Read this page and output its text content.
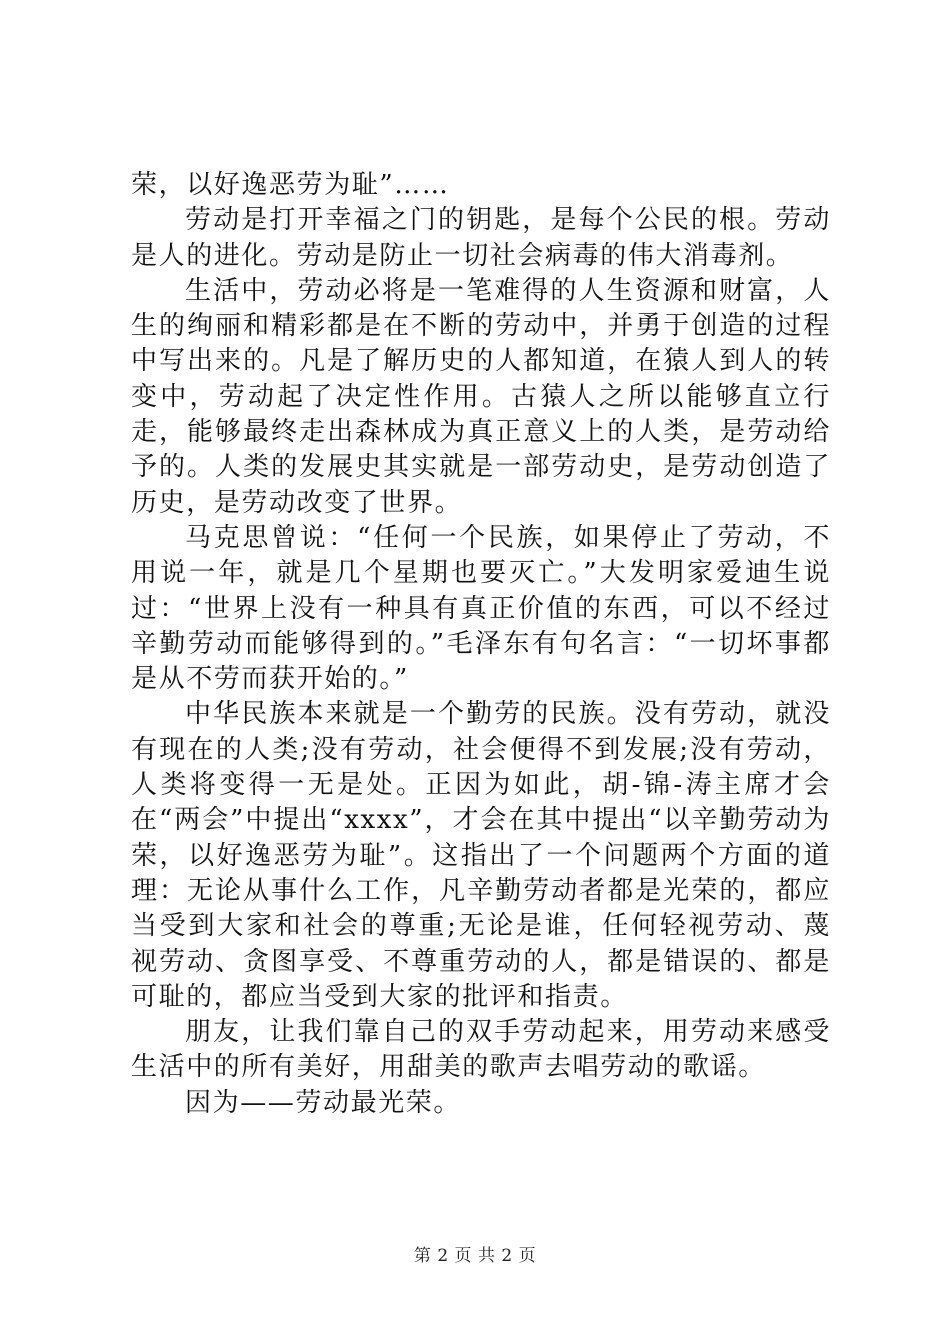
荣，以好逸恶劳为耻”……

劳动是打开幸福之门的钥匙，是每个公民的根。劳动是人的进化。劳动是防止一切社会病毒的伟大消毒剂。

生活中，劳动必将是一笔难得的人生资源和财富，人生的绚丽和精彩都是在不断的劳动中，并勇于创造的过程中写出来的。凡是了解历史的人都知道，在猿人到人的转变中，劳动起了决定性作用。古猿人之所以能够直立行走，能够最终走出森林成为真正意义上的人类，是劳动给予的。人类的发展史其实就是一部劳动史，是劳动创造了历史，是劳动改变了世界。

马克思曾说：“任何一个民族，如果停止了劳动，不用说一年，就是几个星期也要灭亡。”大发明家爱迪生说过：“世界上没有一种具有真正价值的东西，可以不经过辛勤劳动而能够得到的。”毛泽东有句名言：“一切坏事都是从不劳而获开始的。”

中华民族本来就是一个勤劳的民族。没有劳动，就没有现在的人类;没有劳动，社会便得不到发展;没有劳动，人类将变得一无是处。正因为如此，胡-锦-涛主席才会在“两会”中提出“xxxx”，才会在其中提出“以辛勤劳动为荣，以好逸恶劳为耻”。这指出了一个问题两个方面的道理：无论从事什么工作，凡辛勤劳动者都是光荣的，都应当受到大家和社会的尊重;无论是谁，任何轻视劳动、蔑视劳动、贪图享受、不尊重劳动的人，都是错误的、都是可耻的，都应当受到大家的批评和指责。

朋友，让我们靠自己的双手劳动起来，用劳动来感受生活中的所有美好，用甜美的歌声去唱劳动的歌谣。

因为——劳动最光荣。

第 2 页 共 2 页
